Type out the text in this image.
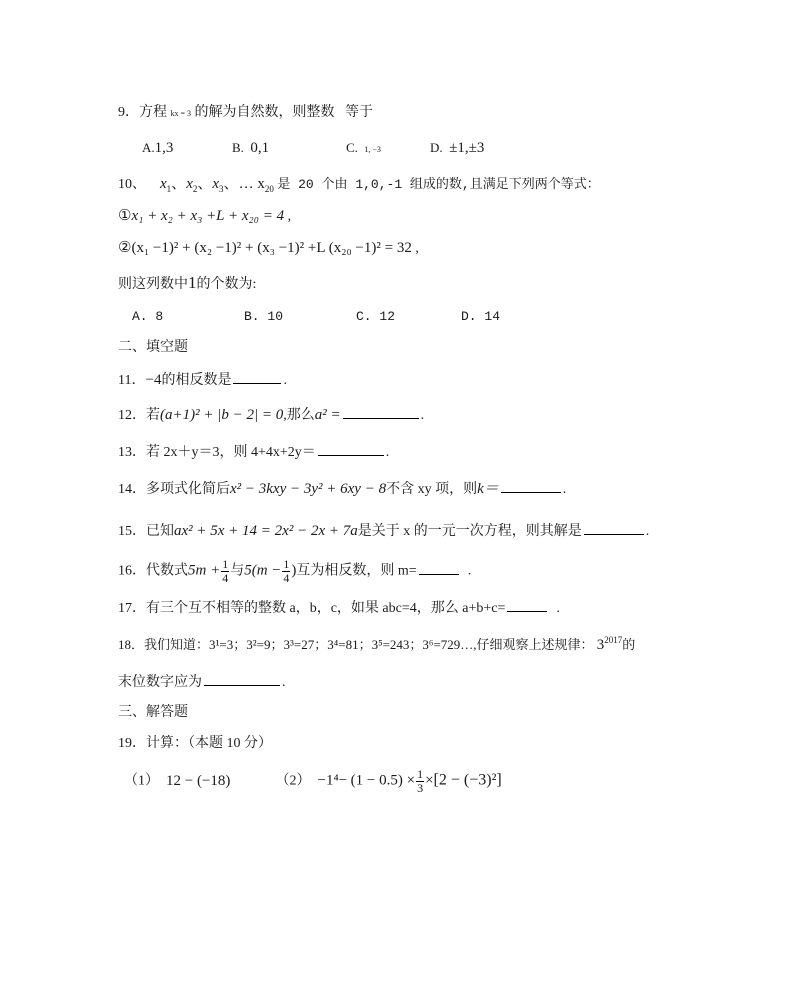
9．方程 kx = 3 的解为自然数，则整数 等于
A.1,3	B. 0,1	C. 1, −3	D. ±1,±3
10、 $x_1$、$x_2$、$x_3$、… $x_{20}$ 是 20 个由 1,0,-1 组成的数,且满足下列两个等式：
①x₁ + x₂ + x₃ +L + x₂₀ = 4 ,
②(x₁ −1)² + (x₂ −1)² + (x₃ −1)² +L (x₂₀ −1)² = 32 ,
则这列数中1的个数为:
A. 8	B. 10	C. 12	D. 14
二、填空题
11．−4的相反数是	.
12．若(a+1)² + |b − 2| = 0,那么a² =	.
13．若 2x＋y＝3，则 4+4x+2y＝	.
14．多项式化简后x² − 3kxy − 3y² + 6xy − 8不含 xy 项，则k＝	.
15．已知ax² + 5x + 14 = 2x² − 2x + 7a是关于 x 的一元一次方程，则其解是	.
16．代数式$5m + \frac{1}{4}$ 与$5(m - \frac{1}{4}$ )互为相反数，则 m=	.
17．有三个互不相等的整数 a，b，c，如果 abc=4，那么 a+b+c=	.
18．我们知道：3¹=3；3²=9；3³=27；3⁴=81；3⁵=243；3⁶=729…,仔细观察上述规律： $3^{2017}$的
末位数字应为	.
三、解答题
19．计算：（本题 10 分）
（1） 12 − (−18)	$(2) -1^4- (1 - 0.5) \times \frac{1}{3} \times[2 - (-3)^2]$
